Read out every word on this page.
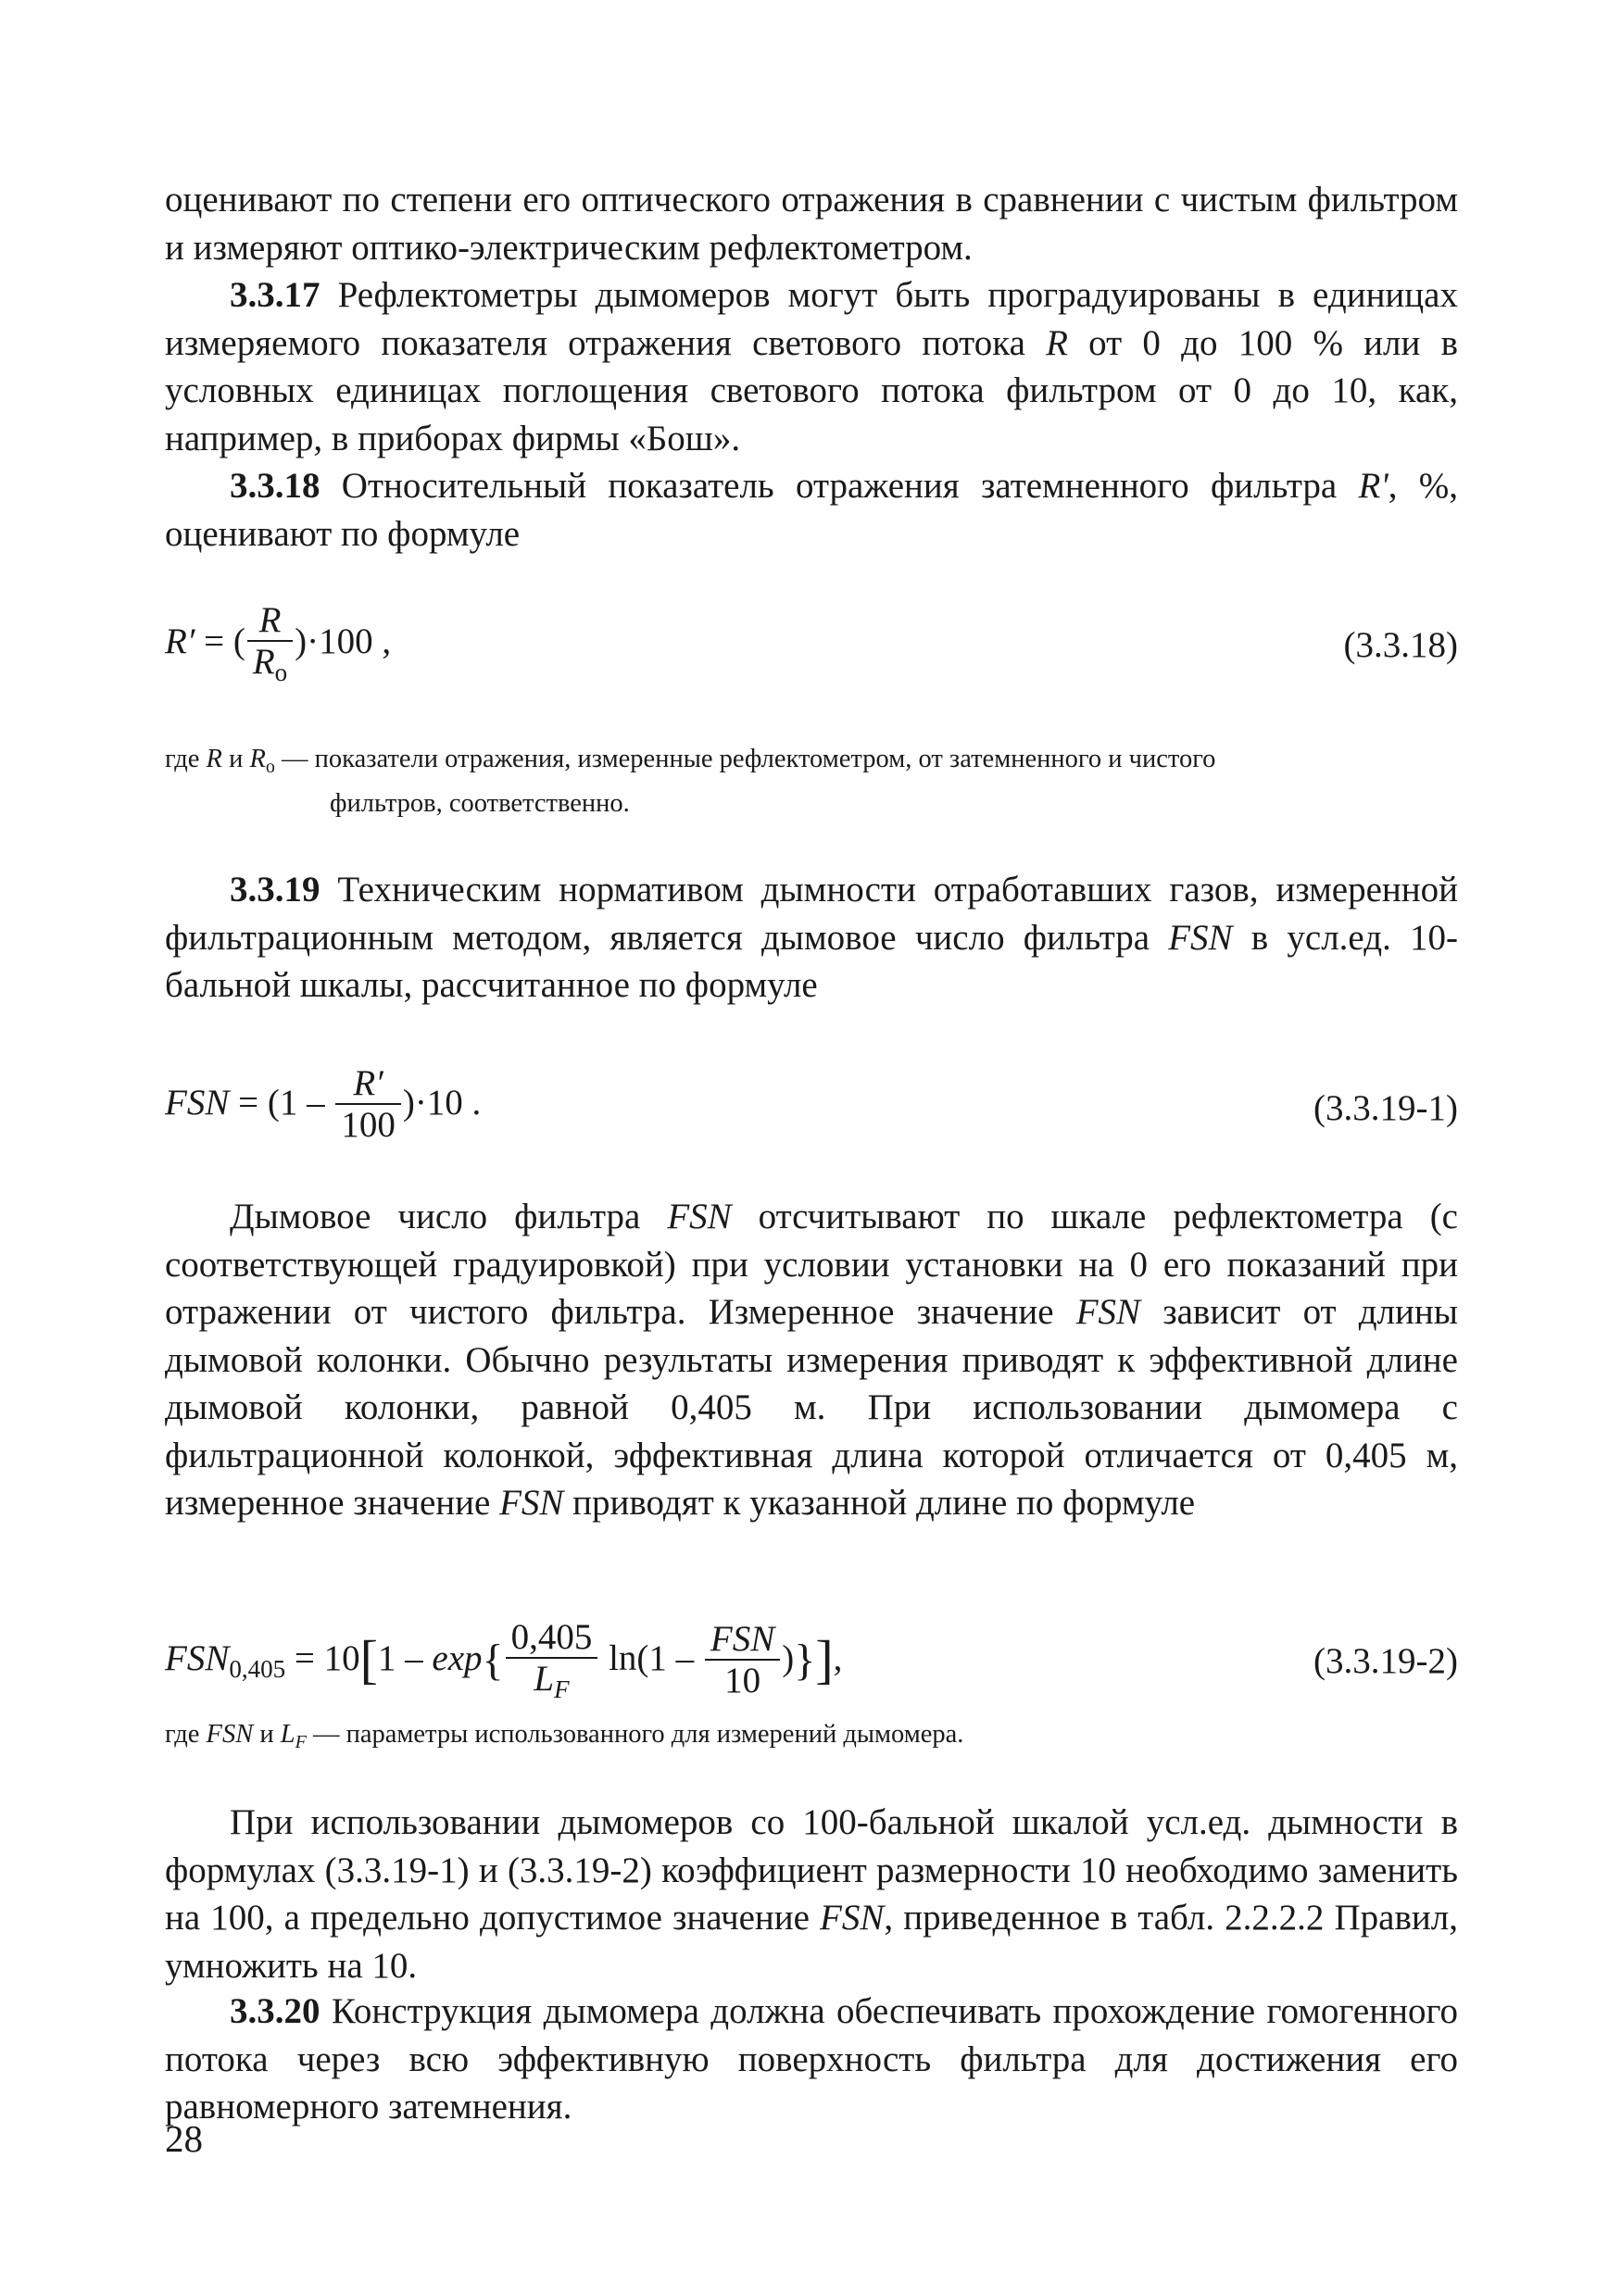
оценивают по степени его оптического отражения в сравнении с чистым фильтром и измеряют оптико-электрическим рефлектометром.

3.3.17 Рефлектометры дымомеров могут быть проградуированы в единицах измеряемого показателя отражения светового потока R от 0 до 100 % или в условных единицах поглощения светового потока фильтром от 0 до 10, как, например, в приборах фирмы «Бош».

3.3.18 Относительный показатель отражения затемненного фильтра R', %, оценивают по формуле

R′ = ( $\frac{R}{R_o} )\cdot 100$ ,	(3.3.18)

где R и $R_o$ — показатели отражения, измеренные рефлектометром, от затемненного и чистого
фильтров, соответственно.

3.3.19 Техническим нормативом дымности отработавших газов, измеренной фильтрационным методом, является дымовое число фильтра FSN в усл.ед. 10-бальной шкалы, рассчитанное по формуле

FSN = $(1 - \frac{R'}{100} )\cdot 10$ .	(3.3.19-1)

Дымовое число фильтра FSN отсчитывают по шкале рефлектометра (с соответствующей градуировкой) при условии установки на 0 его показаний при отражении от чистого фильтра. Измеренное значение FSN зависит от длины дымовой колонки. Обычно результаты измерения приводят к эффективной длине дымовой колонки, равной 0,405 м. При использовании дымомера с фильтрационной колонкой, эффективная длина которой отличается от 0,405 м, измеренное значение FSN приводят к указанной длине по формуле

$FSN_{0,405} = 10[1 - \exp\{ \frac{0,405}{L_F} \ln(1 - \frac{\text{FSN}}{10}$ )}],	(3.3.19-2)

где FSN и $L_F$ — параметры использованного для измерений дымомера.

При использовании дымомеров со 100-бальной шкалой усл.ед. дымности в формулах (3.3.19-1) и (3.3.19-2) коэффициент размерности 10 необходимо заменить на 100, а предельно допустимое значение FSN, приведенное в табл. 2.2.2.2 Правил, умножить на 10.

3.3.20 Конструкция дымомера должна обеспечивать прохождение гомогенного потока через всю эффективную поверхность фильтра для достижения его равномерного затемнения.

28
